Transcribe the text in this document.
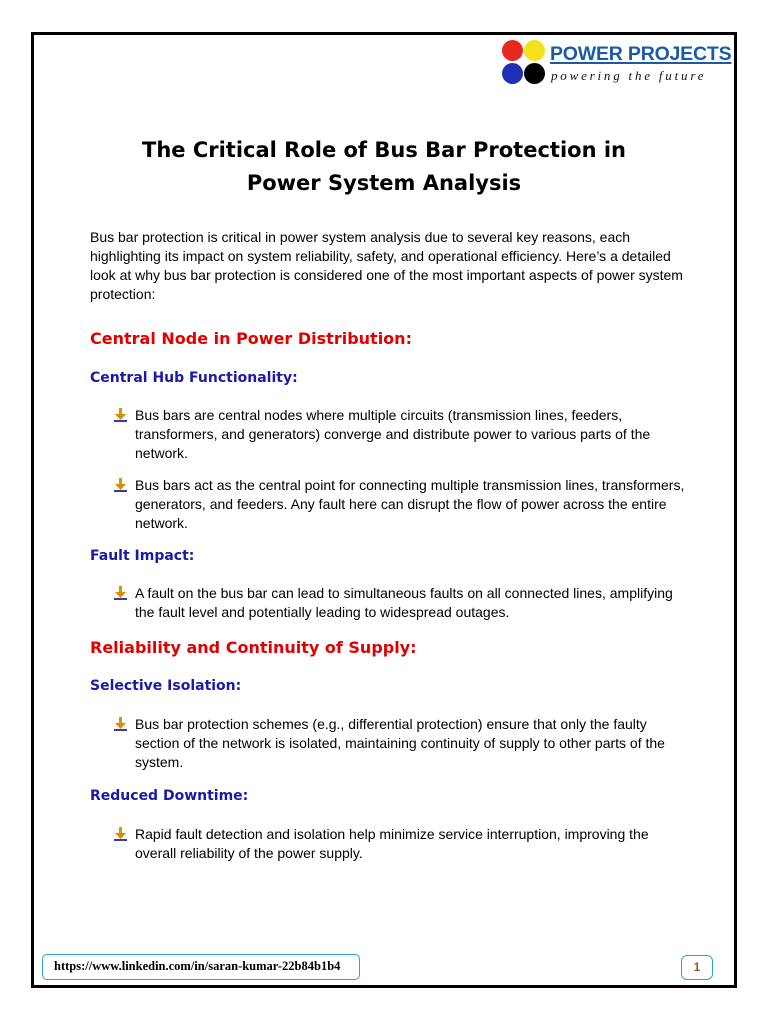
POWER PROJECTS
powering the future
The Critical Role of Bus Bar Protection in
Power System Analysis

Bus bar protection is critical in power system analysis due to several key reasons, each highlighting its impact on system reliability, safety, and operational efficiency. Here’s a detailed look at why bus bar protection is considered one of the most important aspects of power system protection:

Central Node in Power Distribution:
Central Hub Functionality:
Bus bars are central nodes where multiple circuits (transmission lines, feeders, transformers, and generators) converge and distribute power to various parts of the network.
Bus bars act as the central point for connecting multiple transmission lines, transformers, generators, and feeders. Any fault here can disrupt the flow of power across the entire network.
Fault Impact:
A fault on the bus bar can lead to simultaneous faults on all connected lines, amplifying the fault level and potentially leading to widespread outages.
Reliability and Continuity of Supply:
Selective Isolation:
Bus bar protection schemes (e.g., differential protection) ensure that only the faulty section of the network is isolated, maintaining continuity of supply to other parts of the system.
Reduced Downtime:
Rapid fault detection and isolation help minimize service interruption, improving the overall reliability of the power supply.
https://www.linkedin.com/in/saran-kumar-22b84b1b4	1
